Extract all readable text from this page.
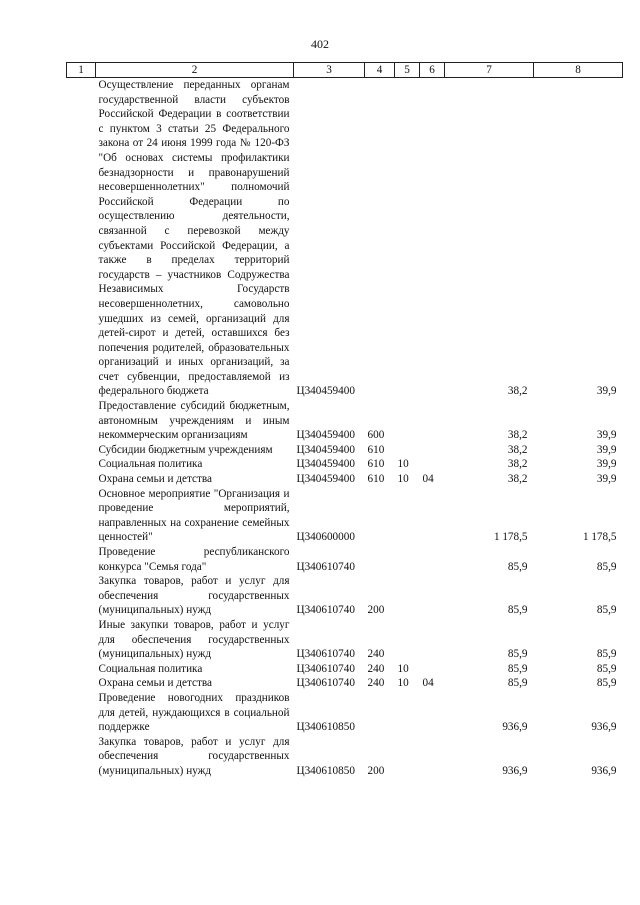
402
1	2	3	4	5	6	7	8
	Осуществление переданных органам государственной власти субъектов Российской Федерации в соответствии с пунктом 3 статьи 25 Федерального закона от 24 июня 1999 года № 120-ФЗ "Об основах системы профилактики безнадзорности и правонарушений несовершеннолетних" полномочий Российской Федерации по осуществлению деятельности, связанной с перевозкой между субъектами Российской Федерации, а также в пределах территорий государств – участников Содружества Независимых Государств несовершеннолетних, самовольно ушедших из семей, организаций для детей-сирот и детей, оставшихся без попечения родителей, образовательных организаций и иных организаций, за счет субвенции, предоставляемой из федерального бюджета	Ц340459400				38,2	39,9
	Предоставление субсидий бюджетным, автономным учреждениям и иным некоммерческим организациям	Ц340459400	600			38,2	39,9
	Субсидии бюджетным учреждениям	Ц340459400	610			38,2	39,9
	Социальная политика	Ц340459400	610	10		38,2	39,9
	Охрана семьи и детства	Ц340459400	610	10	04	38,2	39,9
	Основное мероприятие "Организация и проведение мероприятий, направленных на сохранение семейных ценностей"	Ц340600000				1 178,5	1 178,5
	Проведение республиканского конкурса "Семья года"	Ц340610740				85,9	85,9
	Закупка товаров, работ и услуг для обеспечения государственных (муниципальных) нужд	Ц340610740	200			85,9	85,9
	Иные закупки товаров, работ и услуг для обеспечения государственных (муниципальных) нужд	Ц340610740	240			85,9	85,9
	Социальная политика	Ц340610740	240	10		85,9	85,9
	Охрана семьи и детства	Ц340610740	240	10	04	85,9	85,9
	Проведение новогодних праздников для детей, нуждающихся в социальной поддержке	Ц340610850				936,9	936,9
	Закупка товаров, работ и услуг для обеспечения государственных (муниципальных) нужд	Ц340610850	200			936,9	936,9
